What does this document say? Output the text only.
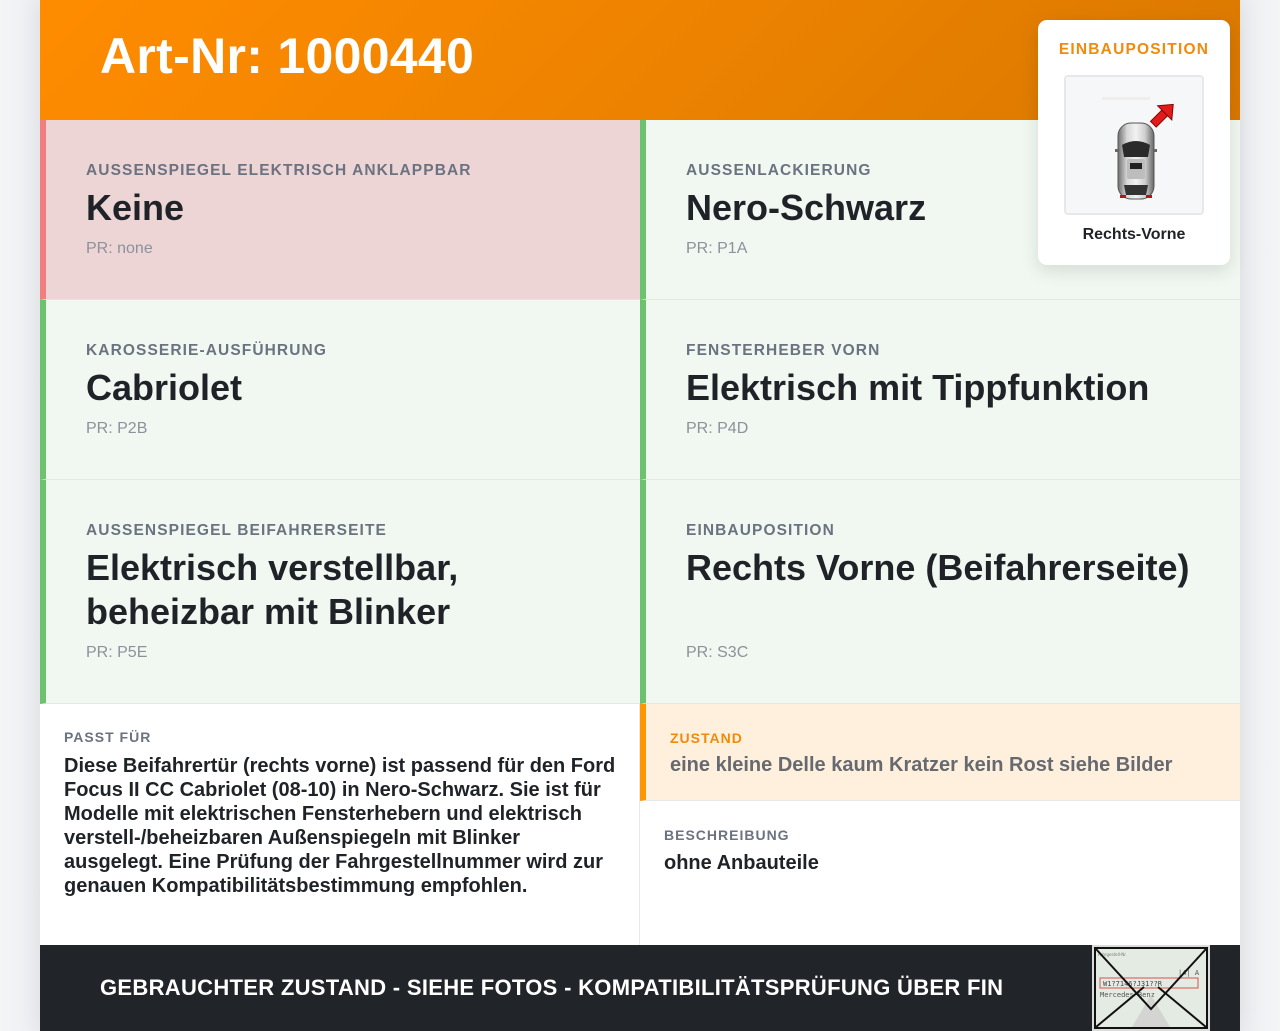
Art-Nr: 1000440	EINBAUPOSITION
Rechts-Vorne
AUSSENSPIEGEL ELEKTRISCH ANKLAPPBAR
Keine
PR: none
AUSSENLACKIERUNG
Nero-Schwarz
PR: P1A
KAROSSERIE-AUSFÜHRUNG
Cabriolet
PR: P2B
FENSTERHEBER VORN
Elektrisch mit Tippfunktion
PR: P4D
AUSSENSPIEGEL BEIFAHRERSEITE
Elektrisch verstellbar, beheizbar mit Blinker
PR: P5E
EINBAUPOSITION
Rechts Vorne (Beifahrerseite)
PR: S3C
PASST FÜR
Diese Beifahrertür (rechts vorne) ist passend für den Ford Focus II CC Cabriolet (08-10) in Nero-Schwarz. Sie ist für Modelle mit elektrischen Fensterhebern und elektrisch verstell-/beheizbaren Außenspiegeln mit Blinker ausgelegt. Eine Prüfung der Fahrgestellnummer wird zur genauen Kompatibilitätsbestimmung empfohlen.
ZUSTAND
eine kleine Delle kaum Kratzer kein Rost siehe Bilder
BESCHREIBUNG
ohne Anbauteile
GEBRAUCHTER ZUSTAND - SIEHE FOTOS - KOMPATIBILITÄTSPRÜFUNG ÜBER FIN
Fahrgestell-Nr.
|4| A
W1?7146?J31??R
Mercedes-Benz
